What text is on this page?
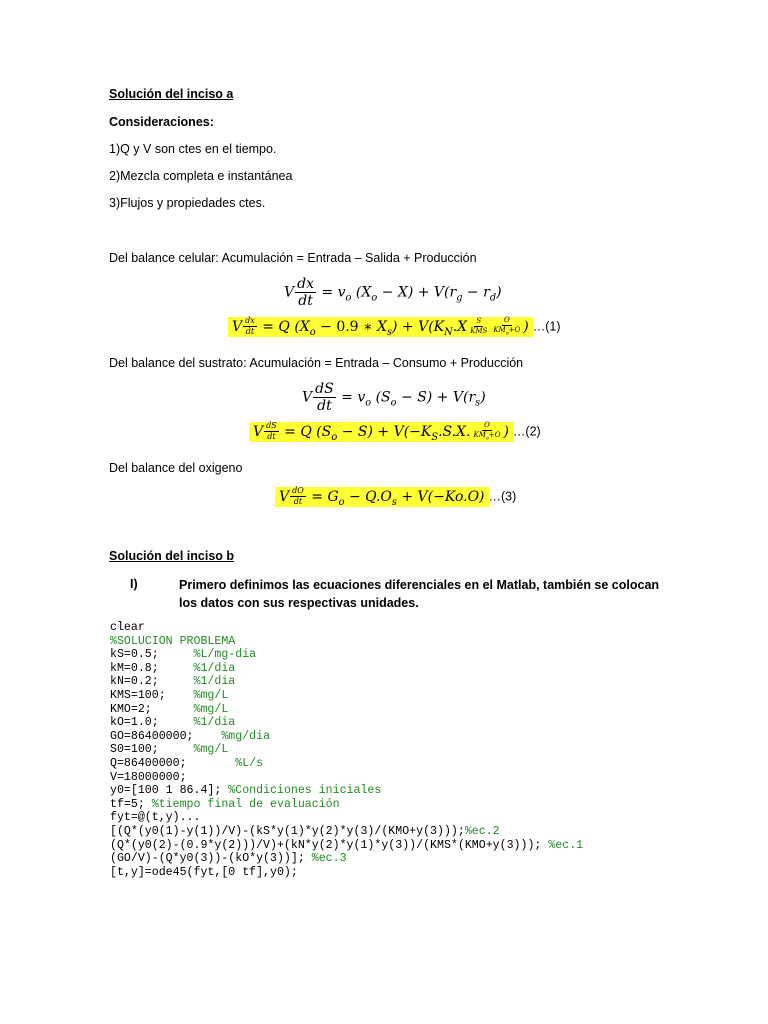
Solución del inciso a
Consideraciones:
1)Q y V son ctes en el tiempo.
2)Mezcla completa e instantánea
3)Flujos y propiedades ctes.
Del balance celular: Acumulación = Entrada – Salida + Producción
V $\frac{dx}{dt} = v_o$ $(X_o - X) + V(r_g - r_d)$
V $\frac{dx}{dt} = Q$ ($X_o - 0.9$ ∗ $X_s) + V(K_N.X \frac{S}{\text{KMS}} \frac{O}{KM_o+O}$ ) …(1)
Del balance del sustrato: Acumulación = Entrada – Consumo + Producción
V $\frac{dS}{dt} = v_o$ $(S_o - S) + V(r_s)$
V $\frac{dS}{dt} = Q$ $(S_o - S) + V(-K_S.S.X$. $\frac{O}{KM_o+O}$ ) …(2)
Del balance del oxigeno
V $\frac{dO}{dt} = G_o - Q.O_s + V(-Ko.O)$ …(3)
Solución del inciso b
I)	Primero definimos las ecuaciones diferenciales en el Matlab, también se colocan los datos con sus respectivas unidades.
clear
%SOLUCION PROBLEMA
kS=0.5;     %L/mg-dia
kM=0.8;     %1/dia
kN=0.2;     %1/dia
KMS=100;    %mg/L
KMO=2;      %mg/L
kO=1.0;     %1/dia
GO=86400000;    %mg/dia
S0=100;     %mg/L
Q=86400000;       %L/s
V=18000000;
y0=[100 1 86.4]; %Condiciones iniciales
tf=5; %tiempo final de evaluación
fyt=@(t,y)...
[(Q*(y0(1)-y(1))/V)-(kS*y(1)*y(2)*y(3)/(KMO+y(3)));%ec.2
(Q*(y0(2)-(0.9*y(2)))/V)+(kN*y(2)*y(1)*y(3))/(KMS*(KMO+y(3))); %ec.1
(GO/V)-(Q*y0(3))-(kO*y(3))]; %ec.3
[t,y]=ode45(fyt,[0 tf],y0);
